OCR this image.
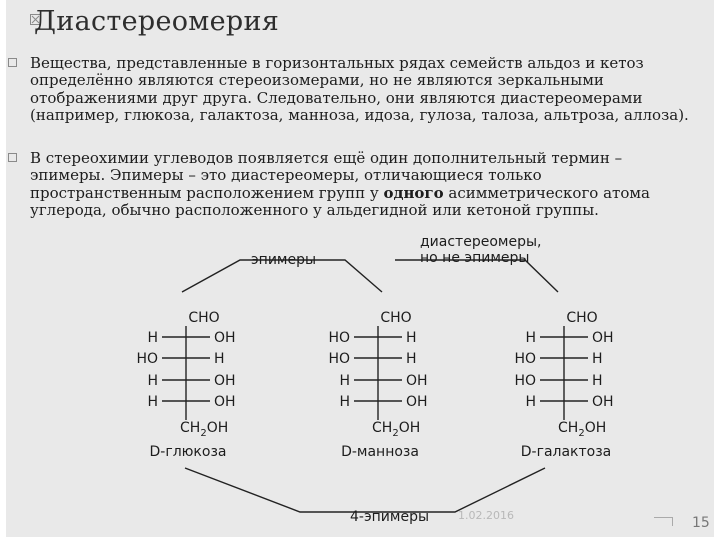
Диастереомерия
Вещества, представленные в горизонтальных рядах семейств альдоз и кетоз определённо являются стереоизомерами, но не являются зеркальными отображениями друг друга. Следовательно, они являются диастереомерами (например, глюкоза, галактоза, манноза, идоза, гулоза, талоза, альтроза, аллоза).
В стереохимии углеводов появляется ещё один дополнительный термин – эпимеры. Эпимеры – это диастереомеры, отличающиеся только пространственным расположением групп у одного асимметрического атома углерода, обычно расположенного у альдегидной или кетоной группы.
эпимеры
диастереомеры,
но не эпимеры
4-эпимеры
CHO
H	OH
HO	H
H	OH
H	OH
$CH_2OH$
D-глюкоза
CHO
HO	H
HO	H
H	OH
H	OH
$CH_2OH$
D-манноза
CHO
H	OH
HO	H
HO	H
H	OH
$CH_2OH$
D-галактоза
1.02.2016	15
